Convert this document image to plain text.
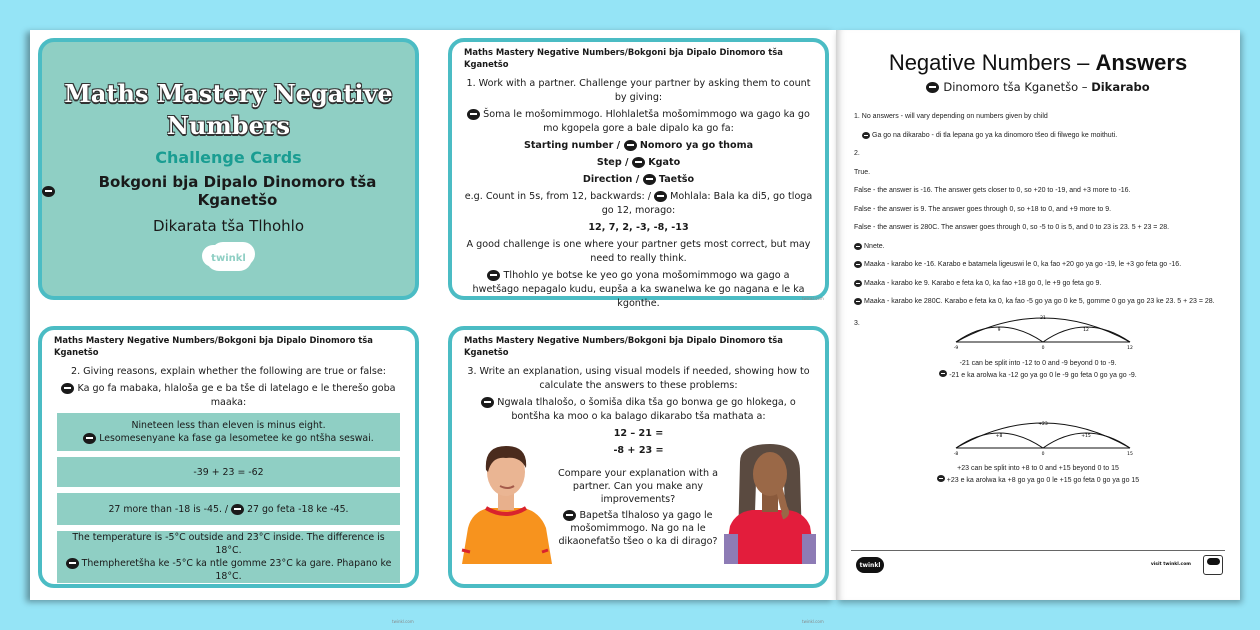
Maths Mastery Negative Numbers
Challenge Cards
Bokgoni bja Dipalo Dinomoro tša Kganetšo
Dikarata tša Tlhohlo
twinkl
Maths Mastery Negative Numbers/Bokgoni bja Dipalo Dinomoro tša Kganetšo
1. Work with a partner. Challenge your partner by asking them to count by giving:
Šoma le mošomimmogo. Hlohlaletša mošomimmogo wa gago ka go mo kgopela gore a bale dipalo ka go fa:
Starting number /  Nomoro ya go thoma
Step /  Kgato
Direction /  Taetšo
e.g. Count in 5s, from 12, backwards: /  Mohlala: Bala ka di5, go tloga go 12, morago:
12, 7, 2, -3, -8, -13
A good challenge is one where your partner gets most correct, but may need to really think.
Tlhohlo ye botse ke yeo go yona mošomimmogo wa gago a hwetšago nepagalo kudu, eupša a ka swanelwa ke go nagana e le ka kgonthe.	twinkl.com
Maths Mastery Negative Numbers/Bokgoni bja Dipalo Dinomoro tša Kganetšo
2. Giving reasons, explain whether the following are true or false:
Ka go fa mabaka, hlaloša ge e ba tše di latelago e le therešo goba maaka:
Nineteen less than eleven is minus eight.
Lesomesenyane ka fase ga lesometee ke go ntšha seswai.
-39 + 23 = -62
27 more than -18 is -45. /  27 go feta -18 ke -45.
The temperature is -5°C outside and 23°C inside. The difference is 18°C.
Thempheretšha ke -5°C ka ntle gomme 23°C ka gare. Phapano ke 18°C.
twinkl.com
Maths Mastery Negative Numbers/Bokgoni bja Dipalo Dinomoro tša Kganetšo
3. Write an explanation, using visual models if needed, showing how to calculate the answers to these problems:
Ngwala tlhalošo, o šomiša dika tša go bonwa ge go hlokega, o bontšha ka moo o ka balago dikarabo tša mathata a:
12 – 21 =
-8 + 23 =
Compare your explanation with a partner. Can you make any improvements?
Bapetša tlhaloso ya gago le mošomimmogo. Na go na le dikaonefatšo tšeo o ka di dirago?
twinkl.com
Negative Numbers – Answers
Dinomoro tša Kganetšo – Dikarabo
1. No answers - will vary depending on numbers given by child
Ga go na dikarabo - di tla lepana go ya ka dinomoro tšeo di filwego ke moithuti.
2.
True.
False - the answer is -16. The answer gets closer to 0, so +20 to -19, and +3 more to -16.
False - the answer is 9. The answer goes through 0, so +18 to 0, and +9 more to 9.
False - the answer is 280C. The answer goes through 0, so -5 to 0 is 5, and 0 to 23 is 23. 5 + 23 = 28.
Nnete.
Maaka - karabo ke -16. Karabo e batamela ligeuswi le 0, ka fao +20 go ya go -19, le +3 go feta go -16.
Maaka - karabo ke 9. Karabo e feta ka 0, ka fao +18 go 0, le +9 go feta go 9.
Maaka - karabo ke 280C. Karabo e feta ka 0, ka fao -5 go ya go 0 ke 5, gomme 0 go ya go 23 ke 23. 5 + 23 = 28.
3.
21
9	12
-9	0	12
-21 can be split into -12 to 0 and -9 beyond 0 to -9.
-21 e ka arolwa ka -12 go ya go 0 le -9 go feta 0 go ya go -9.
+23
+8	+15
-8	0	15
+23 can be split into +8 to 0 and +15 beyond 0 to 15
+23 e ka arolwa ka +8 go ya go 0 le +15 go feta 0 go ya go 15
twinkl	visit twinkl.com
